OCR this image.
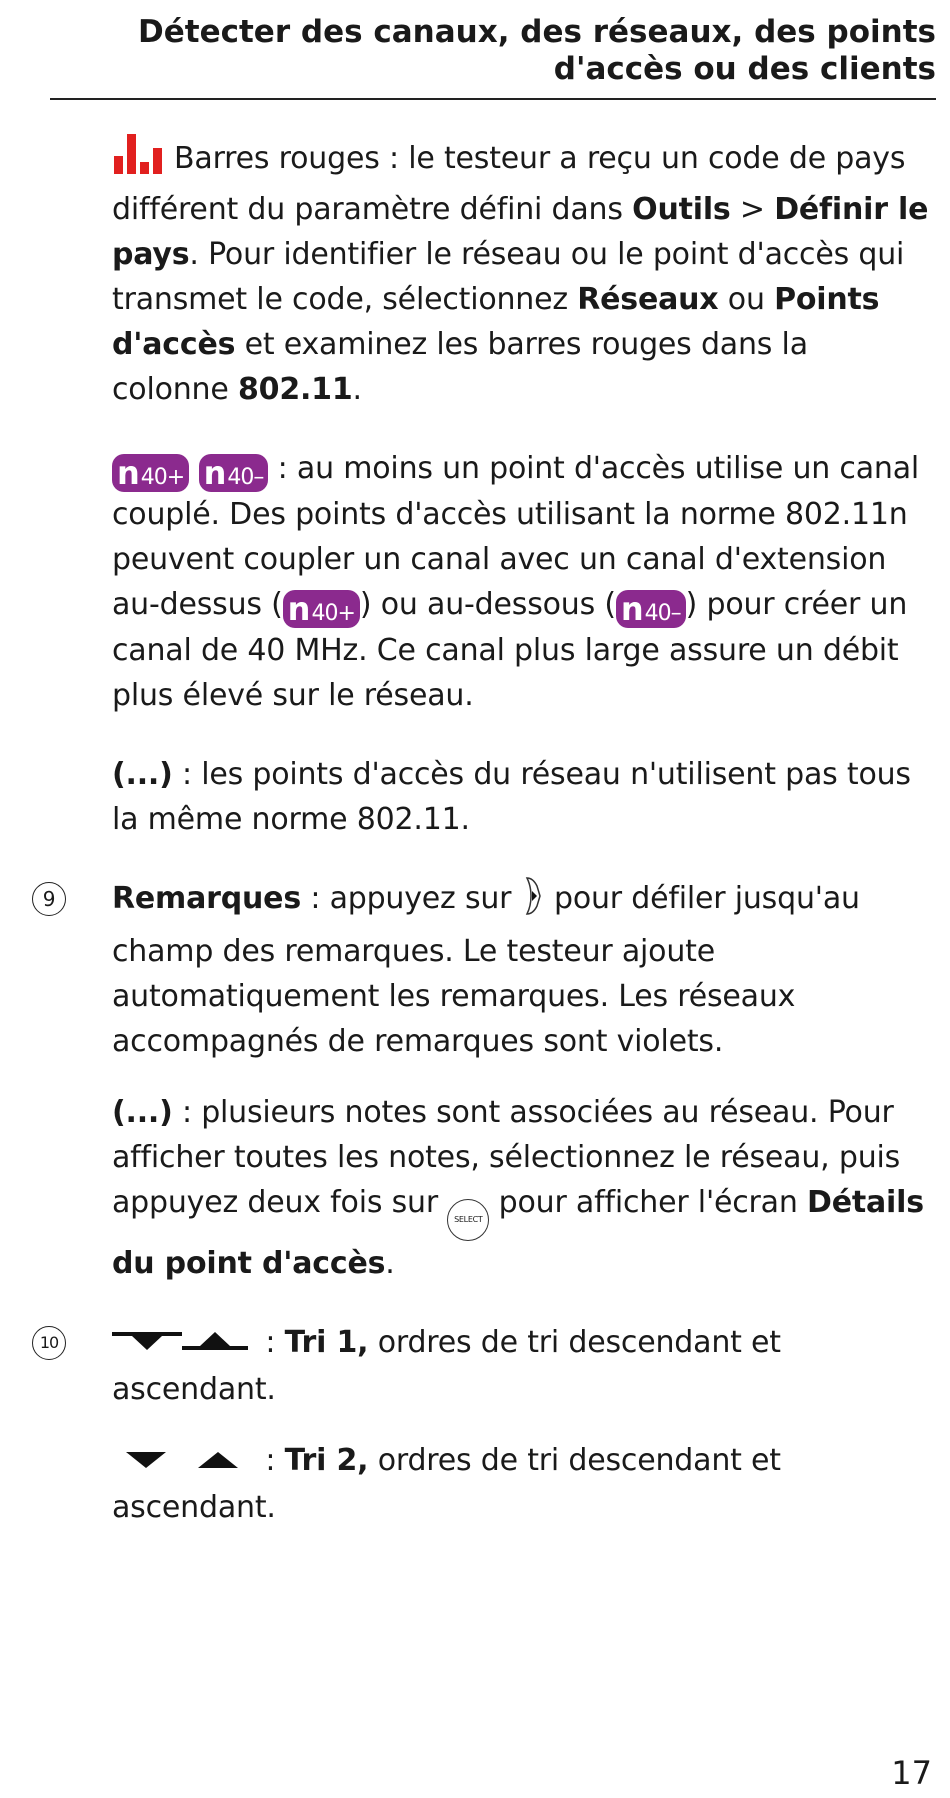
Détecter des canaux, des réseaux, des points
d'accès ou des clients

Barres rouges : le testeur a reçu un code de pays différent du paramètre défini dans Outils > Définir le pays. Pour identifier le réseau ou le point d'accès qui transmet le code, sélectionnez Réseaux ou Points d'accès et examinez les barres rouges dans la colonne 802.11.

n40+ n40– : au moins un point d'accès utilise un canal couplé. Des points d'accès utilisant la norme 802.11n peuvent coupler un canal avec un canal d'extension au-dessus ( n40+ ) ou au-dessous ( n40– ) pour créer un canal de 40 MHz. Ce canal plus large assure un débit plus élevé sur le réseau.

(...) : les points d'accès du réseau n'utilisent pas tous la même norme 802.11.

9	Remarques : appuyez sur  pour défiler jusqu'au champ des remarques. Le testeur ajoute automatiquement les remarques. Les réseaux accompagnés de remarques sont violets.

(...) : plusieurs notes sont associées au réseau. Pour afficher toutes les notes, sélectionnez le réseau, puis appuyez deux fois sur SELECT pour afficher l'écran Détails du point d'accès.

10	: Tri 1, ordres de tri descendant et ascendant.

: Tri 2, ordres de tri descendant et ascendant.

17
